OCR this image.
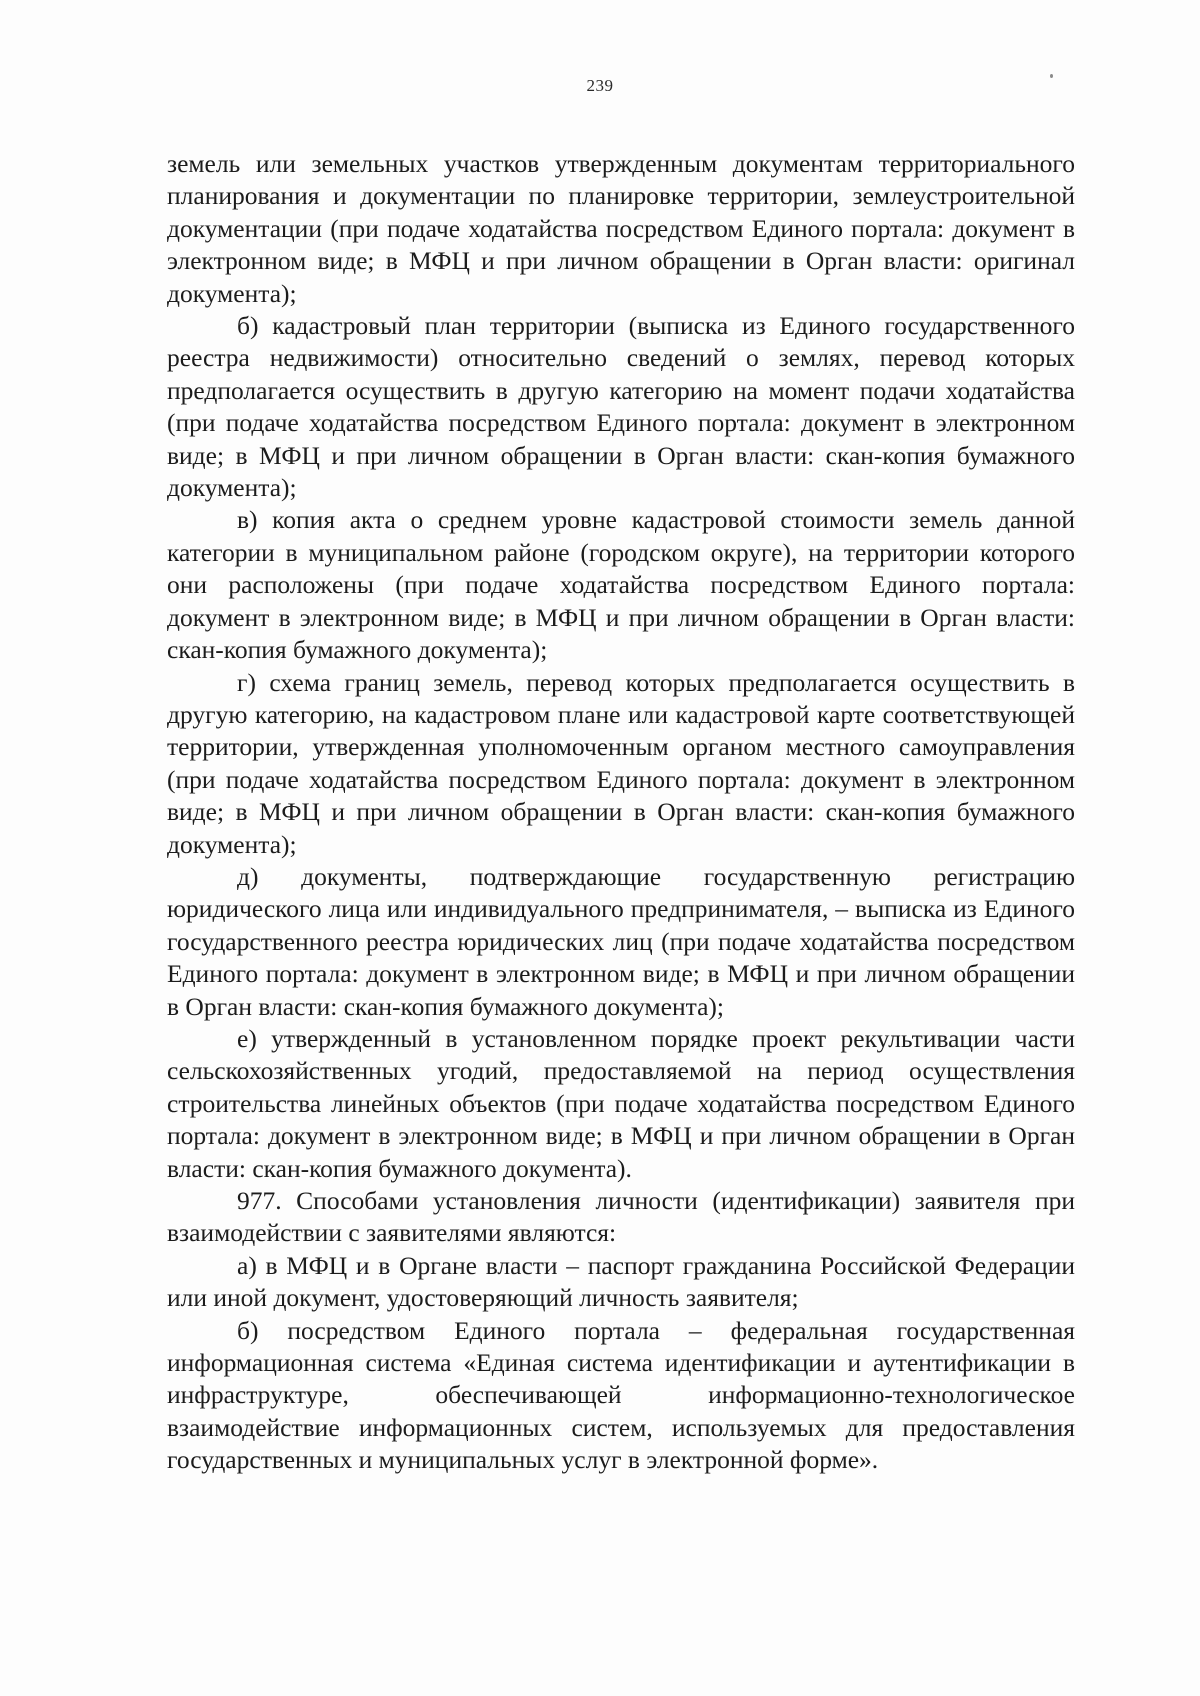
239

земель или земельных участков утвержденным документам территориального планирования и документации по планировке территории, землеустроительной документации (при подаче ходатайства посредством Единого портала: документ в электронном виде; в МФЦ и при личном обращении в Орган власти: оригинал документа);

б) кадастровый план территории (выписка из Единого государственного реестра недвижимости) относительно сведений о землях, перевод которых предполагается осуществить в другую категорию на момент подачи ходатайства (при подаче ходатайства посредством Единого портала: документ в электронном виде; в МФЦ и при личном обращении в Орган власти: скан-копия бумажного документа);

в) копия акта о среднем уровне кадастровой стоимости земель данной категории в муниципальном районе (городском округе), на территории которого они расположены (при подаче ходатайства посредством Единого портала: документ в электронном виде; в МФЦ и при личном обращении в Орган власти: скан-копия бумажного документа);

г) схема границ земель, перевод которых предполагается осуществить в другую категорию, на кадастровом плане или кадастровой карте соответствующей территории, утвержденная уполномоченным органом местного самоуправления (при подаче ходатайства посредством Единого портала: документ в электронном виде; в МФЦ и при личном обращении в Орган власти: скан-копия бумажного документа);

д) документы, подтверждающие государственную регистрацию юридического лица или индивидуального предпринимателя, – выписка из Единого государственного реестра юридических лиц (при подаче ходатайства посредством Единого портала: документ в электронном виде; в МФЦ и при личном обращении в Орган власти: скан-копия бумажного документа);

е) утвержденный в установленном порядке проект рекультивации части сельскохозяйственных угодий, предоставляемой на период осуществления строительства линейных объектов (при подаче ходатайства посредством Единого портала: документ в электронном виде; в МФЦ и при личном обращении в Орган власти: скан-копия бумажного документа).

977. Способами установления личности (идентификации) заявителя при взаимодействии с заявителями являются:

а) в МФЦ и в Органе власти – паспорт гражданина Российской Федерации или иной документ, удостоверяющий личность заявителя;

б) посредством Единого портала – федеральная государственная информационная система «Единая система идентификации и аутентификации в инфраструктуре, обеспечивающей информационно-технологическое взаимодействие информационных систем, используемых для предоставления государственных и муниципальных услуг в электронной форме».
